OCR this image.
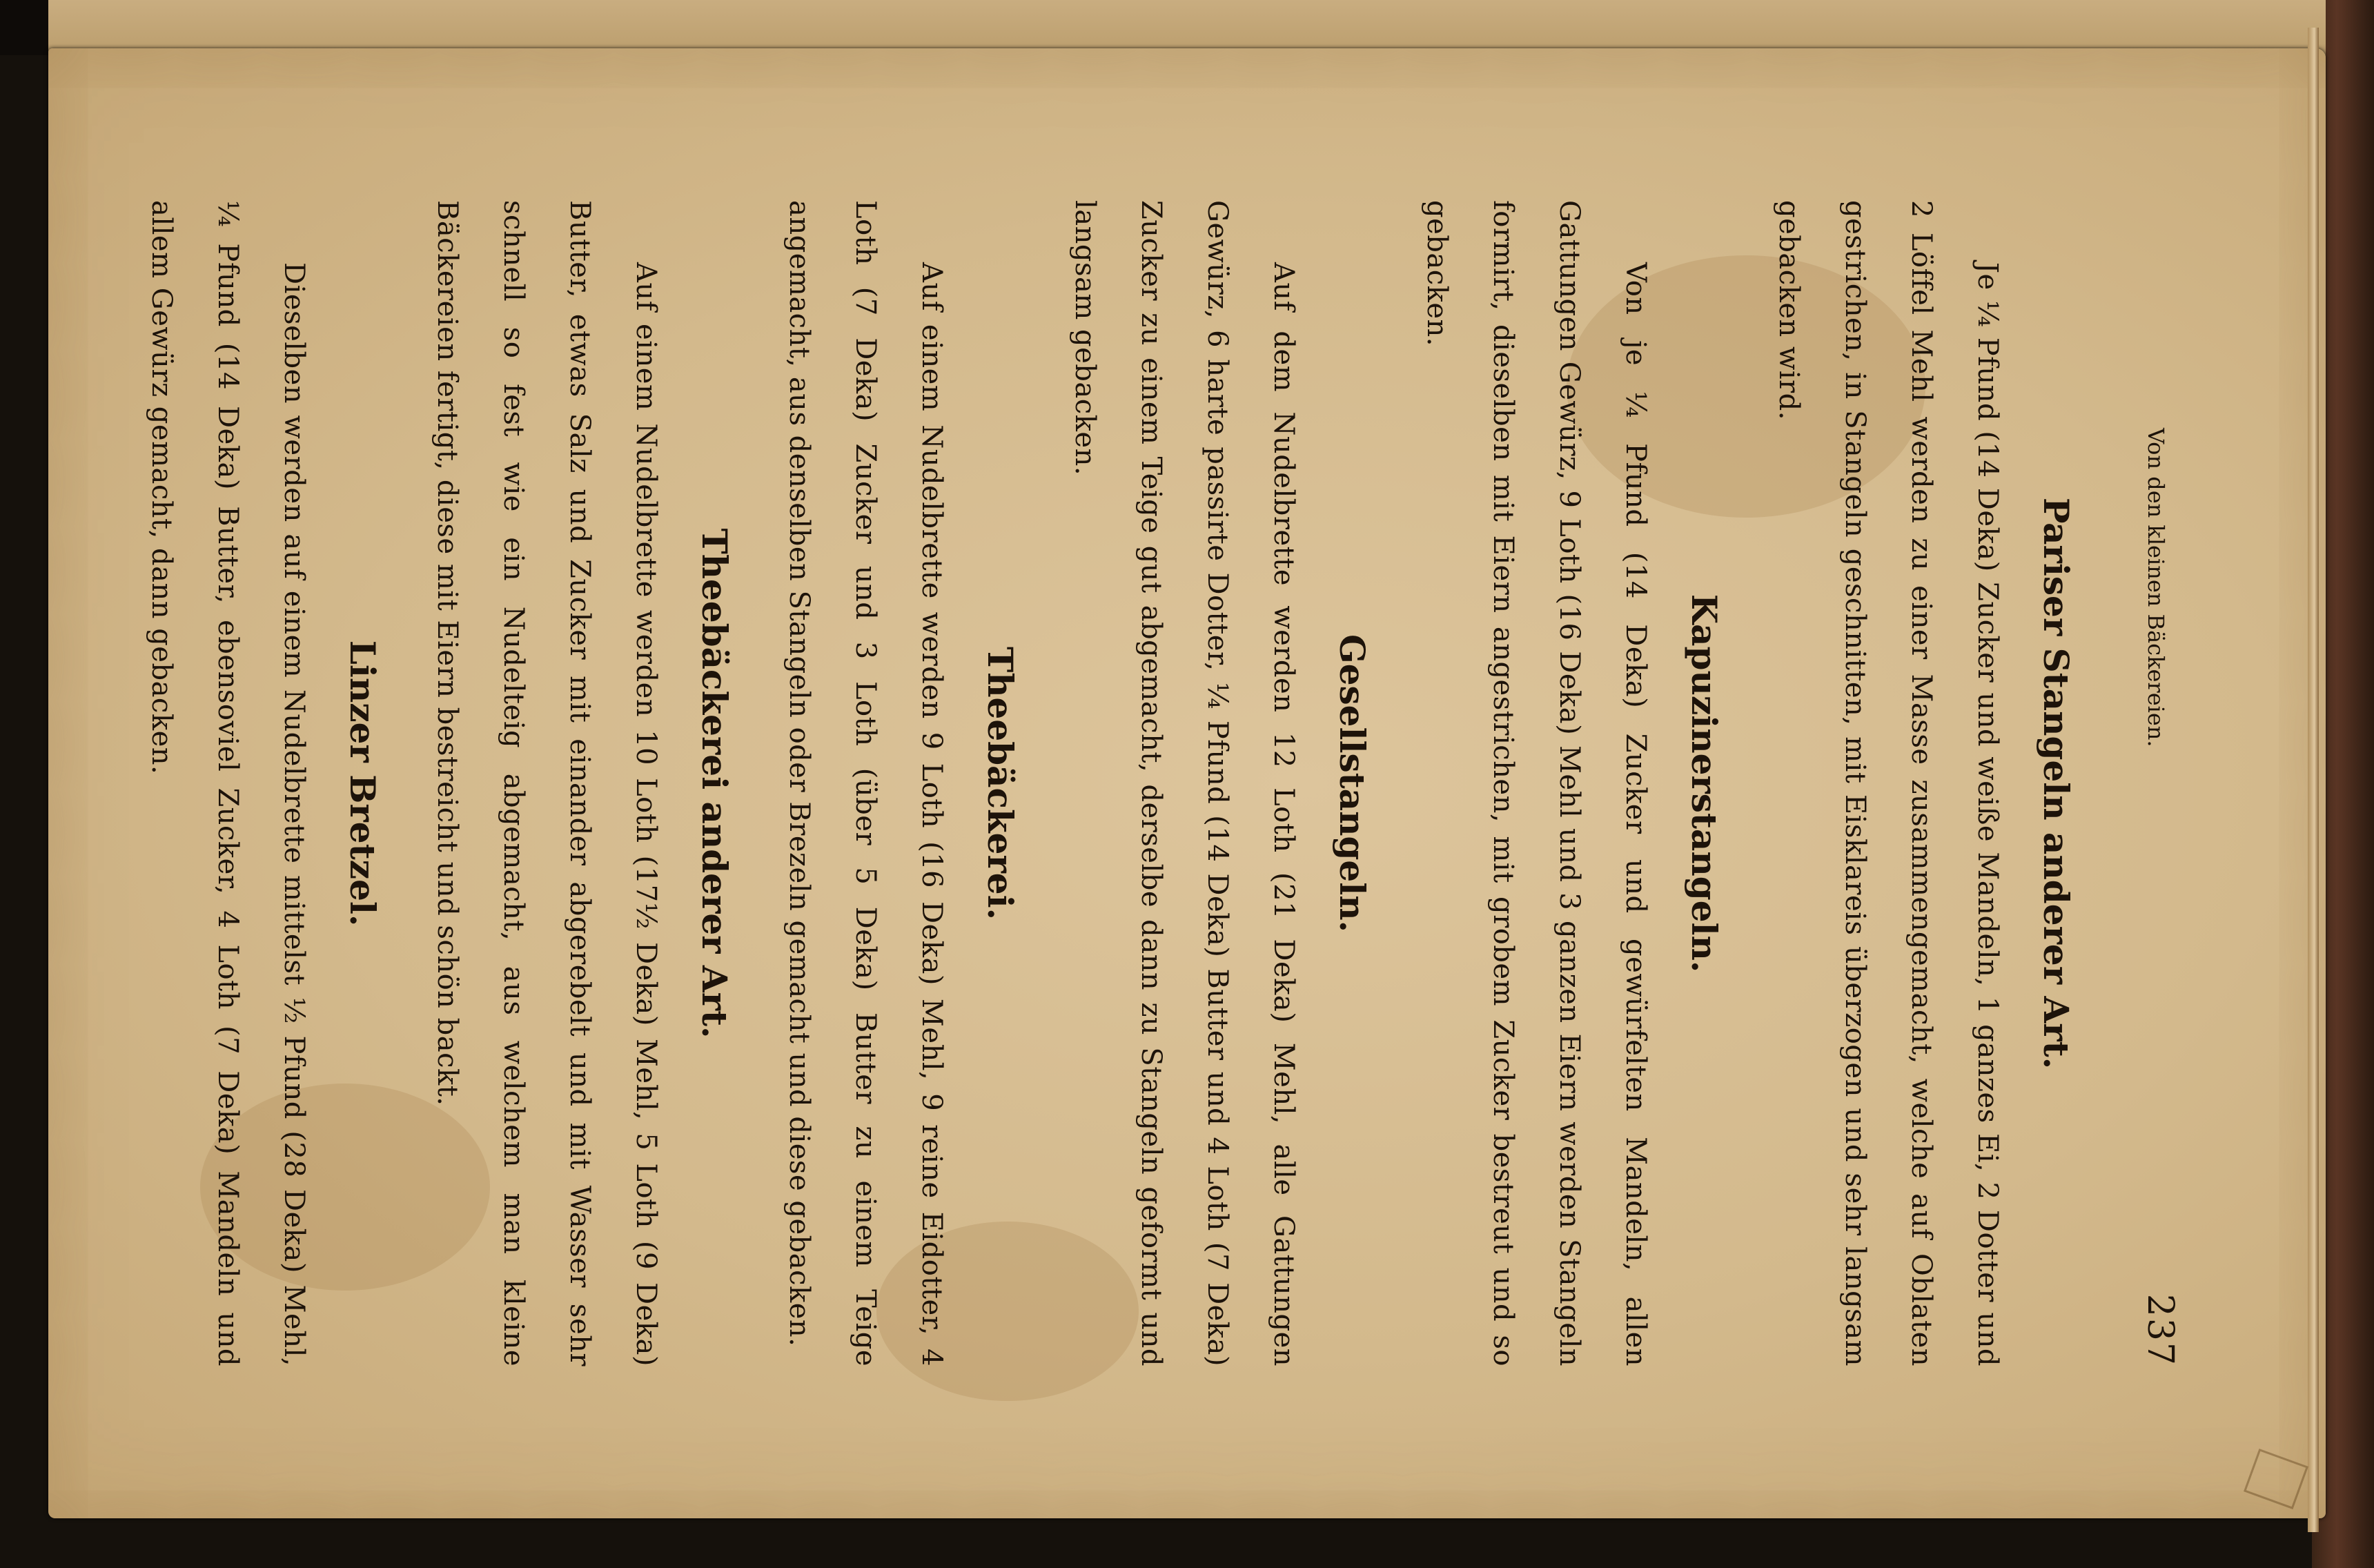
Von den kleinen Bäckereien.
237
Pariser Stangeln anderer Art.

Je ¼ Pfund (14 Deka) Zucker und weiße Mandeln, 1 ganzes Ei, 2 Dotter und 2 Löffel Mehl werden zu einer Masse zusammengemacht, welche auf Oblaten gestrichen, in Stangeln geschnitten, mit Eisklareis überzogen und sehr langsam gebacken wird.

Kapuzinerstangeln.

Von je ¼ Pfund (14 Deka) Zucker und gewürfelten Mandeln, allen Gattungen Gewürz, 9 Loth (16 Deka) Mehl und 3 ganzen Eiern werden Stangeln formirt, dieselben mit Eiern angestrichen, mit grobem Zucker bestreut und so gebacken.

Gesellstangeln.

Auf dem Nudelbrette werden 12 Loth (21 Deka) Mehl, alle Gattungen Gewürz, 6 harte passirte Dotter, ¼ Pfund (14 Deka) Butter und 4 Loth (7 Deka) Zucker zu einem Teige gut abgemacht, derselbe dann zu Stangeln geformt und langsam gebacken.

Theebäckerei.

Auf einem Nudelbrette werden 9 Loth (16 Deka) Mehl, 9 reine Eidotter, 4 Loth (7 Deka) Zucker und 3 Loth (über 5 Deka) Butter zu einem Teige angemacht, aus denselben Stangeln oder Brezeln gemacht und diese gebacken.

Theebäckerei anderer Art.

Auf einem Nudelbrette werden 10 Loth (17½ Deka) Mehl, 5 Loth (9 Deka) Butter, etwas Salz und Zucker mit einander abgerebelt und mit Wasser sehr schnell so fest wie ein Nudelteig abgemacht, aus welchem man kleine Bäckereien fertigt, diese mit Eiern bestreicht und schön backt.

Linzer Bretzel.

Dieselben werden auf einem Nudelbrette mittelst ½ Pfund (28 Deka) Mehl, ¼ Pfund (14 Deka) Butter, ebensoviel Zucker, 4 Loth (7 Deka) Mandeln und allem Gewürz gemacht, dann gebacken.
